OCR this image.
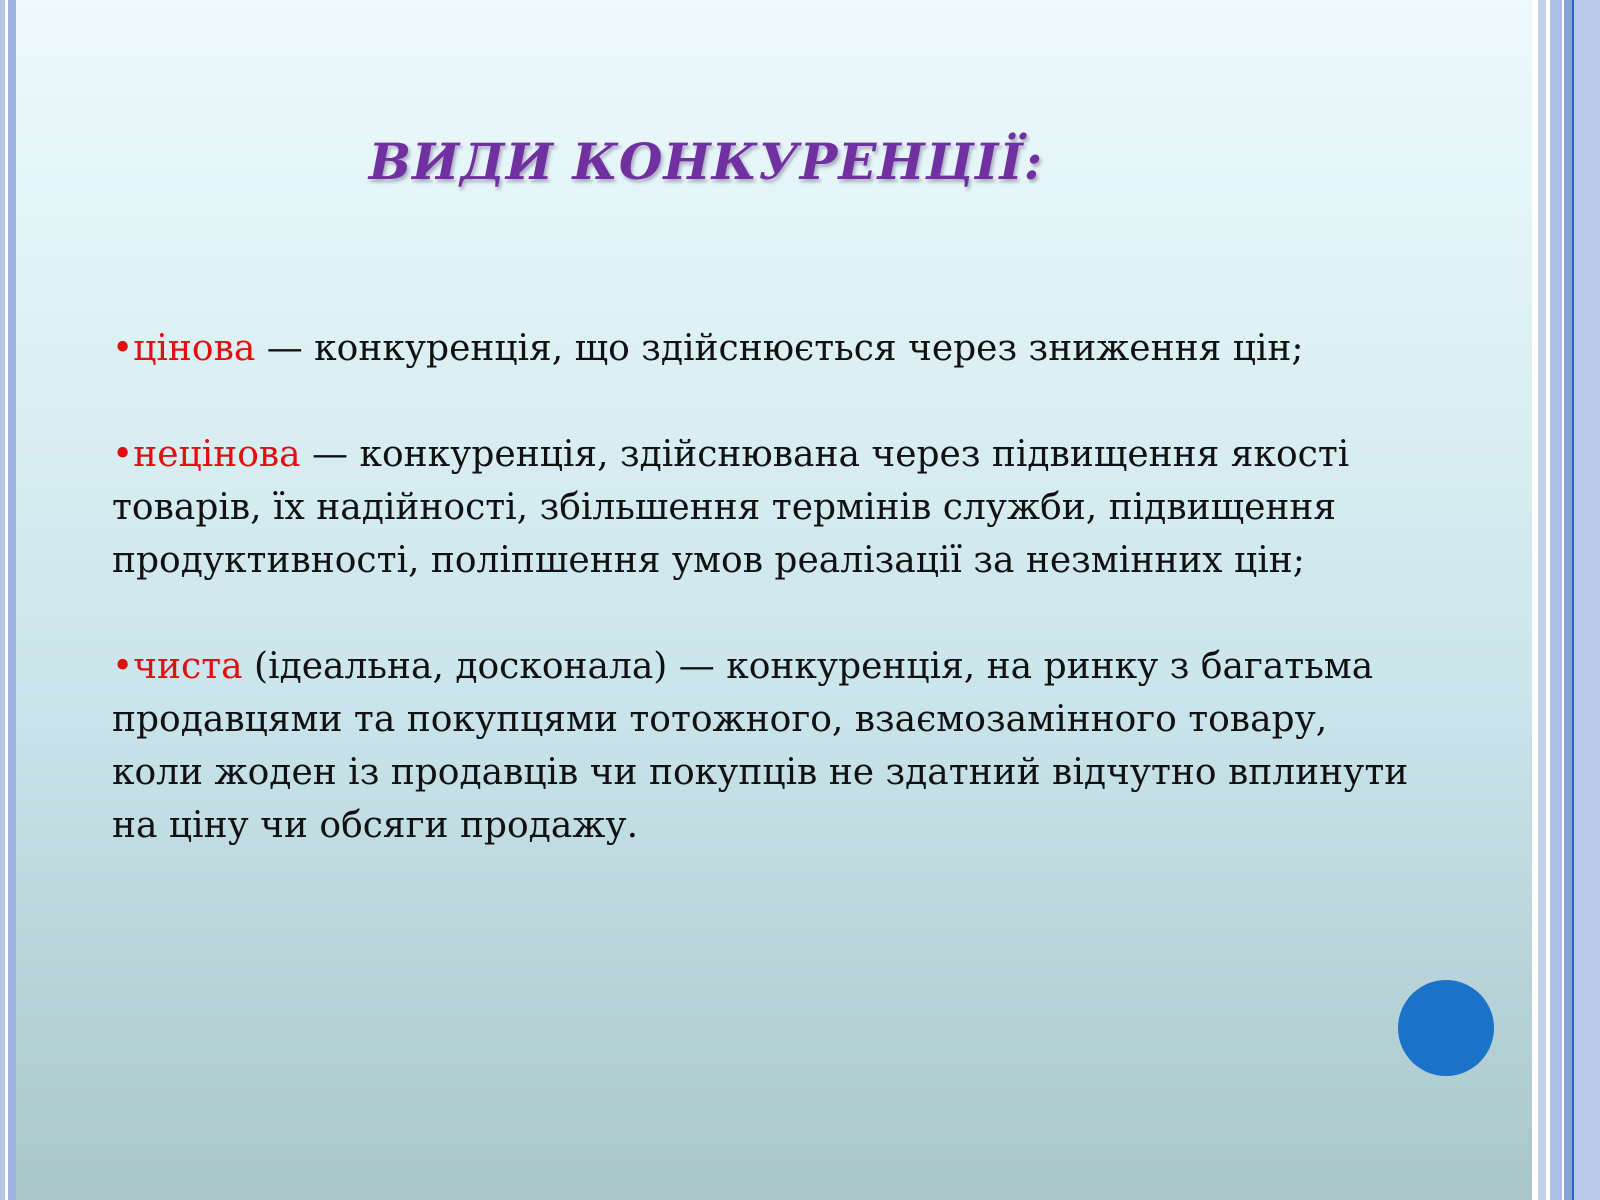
ВИДИ КОНКУРЕНЦІЇ:

•цінова — конкуренція, що здійснюється через зниження цін;

•нецінова — конкуренція, здійснювана через підвищення якості товарів, їх надійності, збільшення термінів служби, підвищення продуктивності, поліпшення умов реалізації за незмінних цін;

•чиста (ідеальна, досконала) — конкуренція, на ринку з багатьма продавцями та покупцями тотожного, взаємозамінного товару, коли жоден із продавців чи покупців не здатний відчутно вплинути на ціну чи обсяги продажу.
